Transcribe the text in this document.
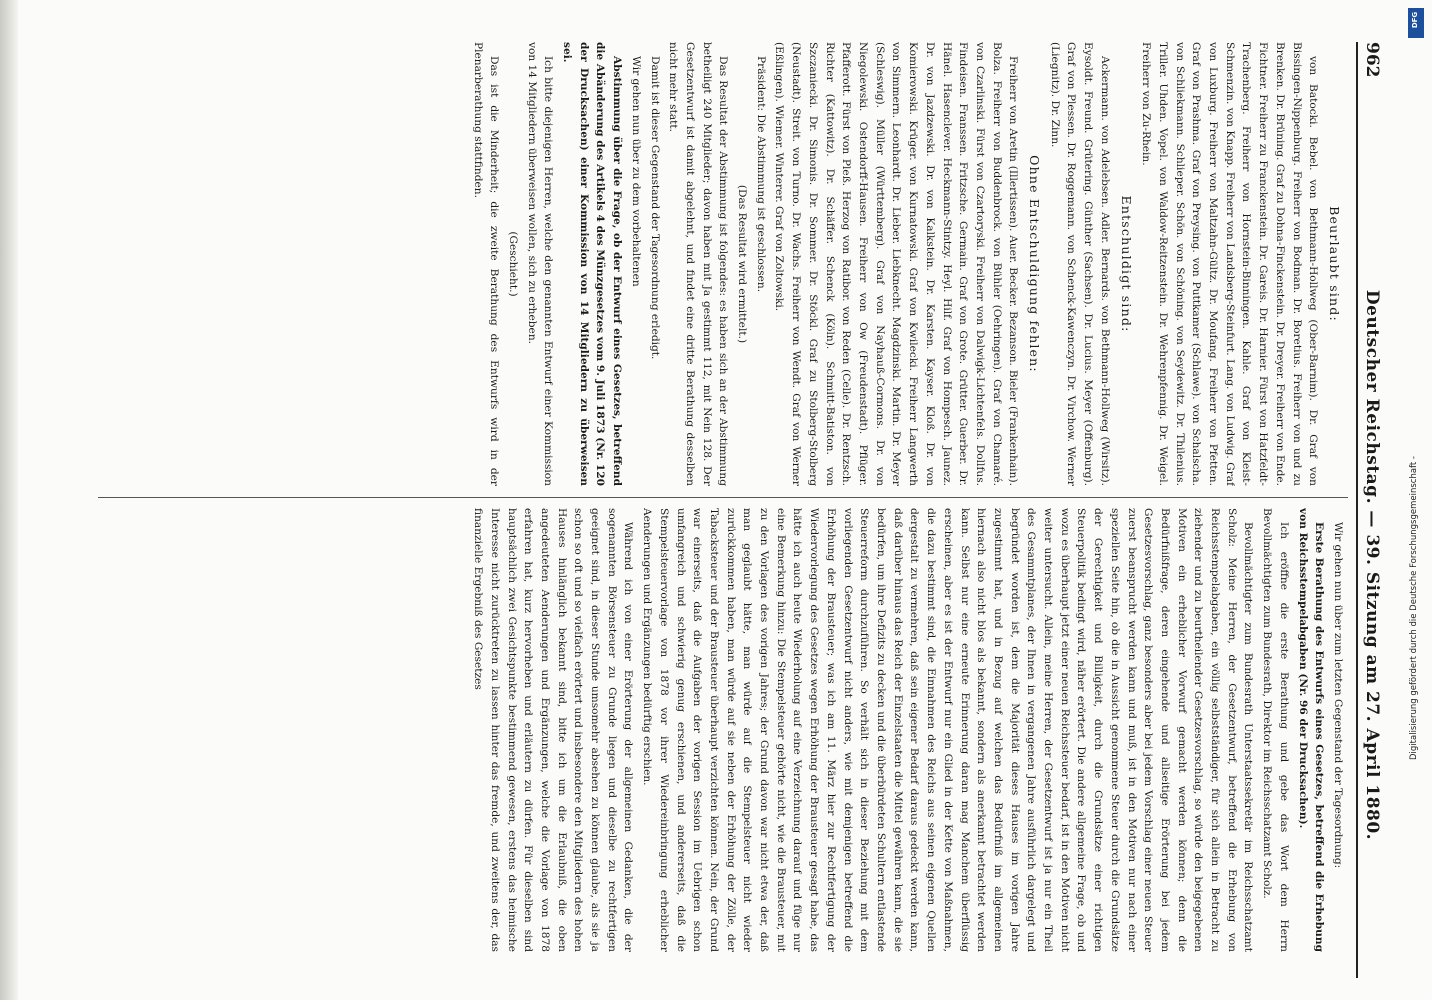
962
Deutscher Reichstag. — 39. Sitzung am 27. April 1880.

Beurlaubt sind:

von Batocki. Bebel. von Bethmann-Hollweg (Ober-Barnim). Dr. Graf von Bissingen-Nippenburg. Freiherr von Bodman. Dr. Boretius. Freiherr von und zu Brenken. Dr. Brüning. Graf zu Dohna-Finckenstein. Dr. Dreyer. Freiherr von Ende. Fichtner. Freiherr zu Franckenstein. Dr. Gareis. Dr. Harnier. Fürst von Hatzfeldt-Trachenberg. Freiherr von Hornstein-Binningen. Kahle. Graf von Kleist-Schmenzin. von Knapp. Freiherr von Landsberg-Steinfurt. Lang. von Ludwig. Graf von Luxburg. Freiherr von Maltzahn-Gültz. Dr. Moufang. Freiherr von Pfetten. Graf von Prashma. Graf von Preysing. von Puttkamer (Schlawe). von Schalscha. von Schliekmann. Schlieper. Schön. von Schöning. von Seydewitz. Dr. Thilenius. Triller. Uhden. Vopel. von Waldow-Reitzenstein. Dr. Wehrenpfennig. Dr. Weigel. Freiherr von Zu-Rhein.

Entschuldigt sind:

Ackermann. von Adelebsen. Adler. Bernards. von Bethmann-Hollweg (Wirsitz). Eysoldt. Freund. Grütering. Günther (Sachsen). Dr. Lucius. Meyer (Offenburg). Graf von Plessen. Dr. Roggemann. von Schenck-Kawenczyn. Dr. Virchow. Werner (Liegnitz). Dr. Zinn.

Ohne Entschuldigung fehlen:

Freiherr von Aretin (Illertissen). Auer. Becker. Bezanson. Bieler (Frankenhain). Bolza. Freiherr von Buddenbrock. von Bühler (Oehringen). Graf von Chamaré. von Czarlinski. Fürst von Czartoryski. Freiherr von Dalwigk-Lichtenfels. Dollfus. Findeisen. Franssen. Fritzsche. Germain. Graf von Grote. Grütter. Guerber. Dr. Hänel. Hasenclever. Heckmann-Stintzy. Heyl. Hilf. Graf von Hompesch. Jaunez. Dr. von Jazdzewski. Dr. von Kalkstein. Dr. Karsten. Kayser. Kloß. Dr. von Komierowski. Krüger. von Kurnatowski. Graf von Kwilecki. Freiherr Langwerth von Simmern. Leonhardt. Dr. Lieber. Liebknecht. Magdzinski. Martin. Dr. Meyer (Schleswig). Müller (Württemberg). Graf von Nayhauß-Cormons. Dr. von Niegolewski. Ostendorff-Hausen. Freiherr von Ow (Freudenstadt). Pflüger. Pfafferott. Fürst von Pleß. Herzog von Ratibor. von Reden (Celle). Dr. Rentzsch. Richter (Kattowitz). Dr. Schäffer. Schenck (Köln). Schmitt-Batiston. von Szczaniecki. Dr. Simonis. Dr. Sommer. Dr. Stöckl. Graf zu Stolberg-Stolberg (Neustadt). Streit. von Turno. Dr. Wachs. Freiherr von Wendt. Graf von Werner (Eßlingen). Wiemer. Winterer. Graf von Zoltowski.

Präsident: Die Abstimmung ist geschlossen.

(Das Resultat wird ermittelt.)

Das Resultat der Abstimmung ist folgendes: es haben sich an der Abstimmung betheiligt 240 Mitglieder; davon haben mit Ja gestimmt 112, mit Nein 128. Der Gesetzentwurf ist damit abgelehnt, und findet eine dritte Berathung desselben nicht mehr statt.

Damit ist dieser Gegenstand der Tagesordnung erledigt.

Wir gehen nun über zu dem vorbehaltenen

Abstimmung über die Frage, ob der Entwurf eines Gesetzes, betreffend die Abänderung des Artikels 4 des Münzgesetzes vom 9. Juli 1873 (Nr. 120 der Drucksachen) einer Kommission von 14 Mitgliedern zu überweisen sei.

Ich bitte diejenigen Herren, welche den genannten Entwurf einer Kommission von 14 Mitgliedern überweisen wollen, sich zu erheben.

(Geschieht.)

Das ist die Minderheit; die zweite Berathung des Entwurfs wird in der Plenarberathung stattfinden.

Wir gehen nun über zum letzten Gegenstand der Tagesordnung:

Erste Berathung des Entwurfs eines Gesetzes, betreffend die Erhebung von Reichsstempelabgaben (Nr. 96 der Drucksachen).

Ich eröffne die erste Berathung und gebe das Wort dem Herrn Bevollmächtigten zum Bundesrath, Direktor im Reichsschatzamt Scholz.

Bevollmächtigter zum Bundesrath Unterstaatssekretär im Reichsschatzamt Scholz: Meine Herren, der Gesetzentwurf, betreffend die Erhebung von Reichsstempelabgaben, ein völlig selbstständiger, für sich allein in Betracht zu ziehender und zu beurtheilender Gesetzesvorschlag, so würde den beigegebenen Motiven ein erheblicher Vorwurf gemacht werden können; denn die Bedürfnißfrage, deren eingehende und allseitige Erörterung bei jedem Gesetzesvorschlag, ganz besonders aber bei jedem Vorschlag einer neuen Steuer zuerst beansprucht werden kann und muß, ist in den Motiven nur nach einer speziellen Seite hin, ob die in Aussicht genommene Steuer durch die Grundsätze der Gerechtigkeit und Billigkeit, durch die Grundsätze einer richtigen Steuerpolitik bedingt wird, näher erörtert. Die andere allgemeine Frage, ob und wozu es überhaupt jetzt einer neuen Reichssteuer bedarf, ist in den Motiven nicht weiter untersucht. Allein, meine Herren, der Gesetzentwurf ist ja nur ein Theil des Gesammtplanes, der Ihnen in vergangenen Jahre ausführlich dargelegt und begründet worden ist, dem die Majorität dieses Hauses im vorigen Jahre zugestimmt hat, und in Bezug auf welchen das Bedürfniß im allgemeinen hiernach also nicht blos als bekannt, sondern als anerkannt betrachtet werden kann. Selbst nur eine erneute Erinnerung daran mag Manchem überflüssig erscheinen, aber es ist der Entwurf nur ein Glied in der Kette von Maßnahmen, die dazu bestimmt sind, die Einnahmen des Reichs aus seinen eigenen Quellen dergestalt zu vermehren, daß sein eigener Bedarf daraus gedeckt werden kann, daß darüber hinaus das Reich der Einzelstaaten die Mittel gewähren kann, die sie bedürfen, um ihre Defizits zu decken und die überbürdeten Schultern entlastende Steuerreform durchzuführen. So verhält sich in dieser Beziehung mit dem vorliegenden Gesetzentwurf nicht anders, wie mit demjenigen betreffend die Erhöhung der Brausteuer; was ich am 11. März hier zur Rechtfertigung der Wiedervorlegung des Gesetzes wegen Erhöhung der Brausteuer gesagt habe, das hätte ich auch heute Wiederholung auf eine Verzeichnung darauf und füge nur eine Bemerkung hinzu: Die Stempelsteuer gehörte nicht, wie die Brausteuer, mit zu den Vorlagen des vorigen Jahres; der Grund davon war nicht etwa der, daß man geglaubt hätte, man würde auf die Stempelsteuer nicht wieder zurückkommen haben, man würde auf sie neben der Erhöhung der Zölle, der Tabacksteuer und der Brausteuer überhaupt verzichten können. Nein, der Grund war einerseits, daß die Aufgaben der vorigen Session im Uebrigen schon umfangreich und schwierig genug erschienen, und andererseits, daß die Stempelsteuervorlage von 1878 vor ihrer Wiedereinbringung erheblicher Aenderungen und Ergänzungen bedürftig erschien.

Während ich von einer Erörterung der allgemeinen Gedanken, die der sogenannten Börsensteuer zu Grunde liegen und dieselbe zu rechtfertigen geeignet sind, in dieser Stunde umsomehr absehen zu können glaube, als sie ja schon so oft und so vielfach erörtert und insbesondere den Mitgliedern des hohen Hauses hinlänglich bekannt sind, bitte ich um die Erlaubniß, die oben angedeuteten Aenderungen und Ergänzungen, welche die Vorlage von 1878 erfahren hat, kurz hervorheben und erläutern zu dürfen. Für dieselben sind hauptsächlich zwei Gesichtspunkte bestimmend gewesen, erstens das heimische Interesse nicht zurücktreten zu lassen hinter das fremde, und zweitens der, das finanzielle Ergebniß des Gesetzes

DFG
Digitalisierung gefördert durch die Deutsche Forschungsgemeinschaft -
